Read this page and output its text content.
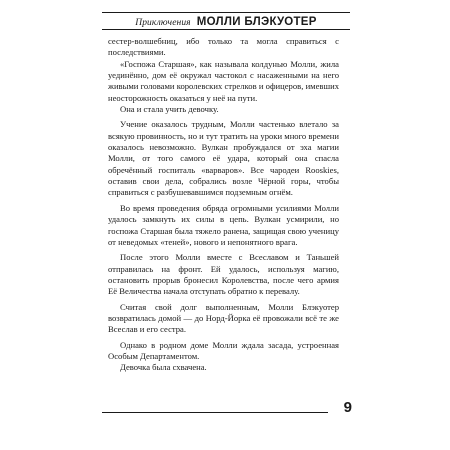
Приключения МОЛЛИ БЛЭКУОТЕР

сестер-волшебниц, ибо только та могла справиться с последствиями.

«Госпожа Старшая», как называла колдунью Молли, жила уединённо, дом её окружал частокол с насаженными на него живыми головами королевских стрелков и офицеров, имевших неосторожность оказаться у неё на пути.

Она и стала учить девочку.

Учение оказалось трудным, Молли частенько влетало за всякую провинность, но и тут тратить на уроки много времени оказалось невозможно. Вулкан пробуждался от эха магии Молли, от того самого её удара, который она спасла обречённый госпиталь «варваров». Все чародеи Rooskies, оставив свои дела, собрались возле Чёрной горы, чтобы справиться с разбушевавшимся подземным огнём.

Во время проведения обряда огромными усилиями Молли удалось замкнуть их силы в цепь. Вулкан усмирили, но госпожа Старшая была тяжело ранена, защищая свою ученицу от неведомых «теней», нового и непонятного врага.

После этого Молли вместе с Всеславом и Таньшей отправилась на фронт. Ей удалось, используя магию, остановить прорыв бронесил Королевства, после чего армия Её Величества начала отступать обратно к перевалу.

Считая свой долг выполненным, Молли Блэкуотер возвратилась домой — до Норд-Йорка её провожали всё те же Всеслав и его сестра.

Однако в родном доме Молли ждала засада, устроенная Особым Департаментом.

Девочка была схвачена.

9
